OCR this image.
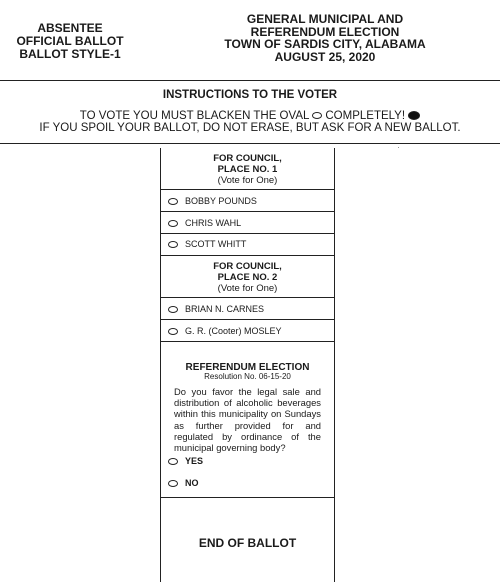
ABSENTEE
OFFICIAL BALLOT
BALLOT STYLE-1
GENERAL MUNICIPAL AND
REFERENDUM ELECTION
TOWN OF SARDIS CITY, ALABAMA
AUGUST 25, 2020
INSTRUCTIONS TO THE VOTER
TO VOTE YOU MUST BLACKEN THE OVAL COMPLETELY!
IF YOU SPOIL YOUR BALLOT, DO NOT ERASE, BUT ASK FOR A NEW BALLOT.
FOR COUNCIL,
PLACE NO. 1
(Vote for One)
BOBBY POUNDS
CHRIS WAHL
SCOTT WHITT
FOR COUNCIL,
PLACE NO. 2
(Vote for One)
BRIAN N. CARNES
G. R. (Cooter) MOSLEY
REFERENDUM ELECTION
Resolution No. 06-15-20
Do you favor the legal sale and distribution of alcoholic beverages within this municipality on Sundays as further provided for and regulated by ordinance of the municipal governing body?
YES
NO
END OF BALLOT
